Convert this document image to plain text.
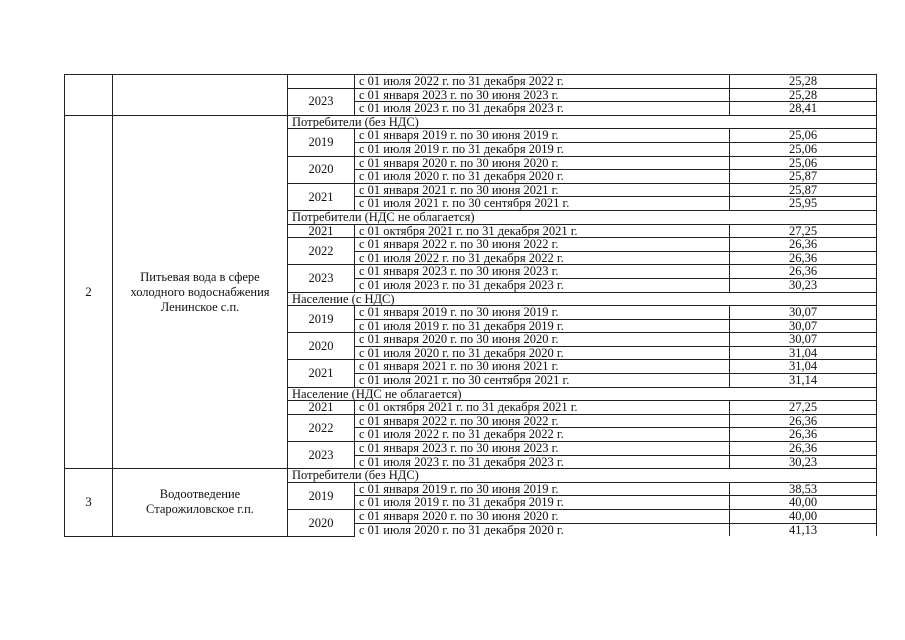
			с 01 июля 2022 г. по 31 декабря 2022 г.	25,28
		2023	с 01 января 2023 г. по 30 июня 2023 г.	25,28
			с 01 июля 2023 г. по 31 декабря 2023 г.	28,41
2	Питьевая вода в сфере холодного водоснабжения Ленинское с.п.	Потребители (без НДС)		
		2019	с 01 января 2019 г. по 30 июня 2019 г.	25,06
			с 01 июля 2019 г. по 31 декабря 2019 г.	25,06
		2020	с 01 января 2020 г. по 30 июня 2020 г.	25,06
			с 01 июля 2020 г. по 31 декабря 2020 г.	25,87
		2021	с 01 января 2021 г. по 30 июня 2021 г.	25,87
			с 01 июля 2021 г. по 30 сентября 2021 г.	25,95
		Потребители (НДС не облагается)		
		2021	с 01 октября 2021 г. по 31 декабря 2021 г.	27,25
		2022	с 01 января 2022 г. по 30 июня 2022 г.	26,36
			с 01 июля 2022 г. по 31 декабря 2022 г.	26,36
		2023	с 01 января 2023 г. по 30 июня 2023 г.	26,36
			с 01 июля 2023 г. по 31 декабря 2023 г.	30,23
		Население (с НДС)		
		2019	с 01 января 2019 г. по 30 июня 2019 г.	30,07
			с 01 июля 2019 г. по 31 декабря 2019 г.	30,07
		2020	с 01 января 2020 г. по 30 июня 2020 г.	30,07
			с 01 июля 2020 г. по 31 декабря 2020 г.	31,04
		2021	с 01 января 2021 г. по 30 июня 2021 г.	31,04
			с 01 июля 2021 г. по 30 сентября 2021 г.	31,14
		Население (НДС не облагается)		
		2021	с 01 октября 2021 г. по 31 декабря 2021 г.	27,25
		2022	с 01 января 2022 г. по 30 июня 2022 г.	26,36
			с 01 июля 2022 г. по 31 декабря 2022 г.	26,36
		2023	с 01 января 2023 г. по 30 июня 2023 г.	26,36
			с 01 июля 2023 г. по 31 декабря 2023 г.	30,23
3	Водоотведение Старожиловское г.п.	Потребители (без НДС)		
		2019	с 01 января 2019 г. по 30 июня 2019 г.	38,53
			с 01 июля 2019 г. по 31 декабря 2019 г.	40,00
		2020	с 01 января 2020 г. по 30 июня 2020 г.	40,00
			с 01 июля 2020 г. по 31 декабря 2020 г.	41,13
